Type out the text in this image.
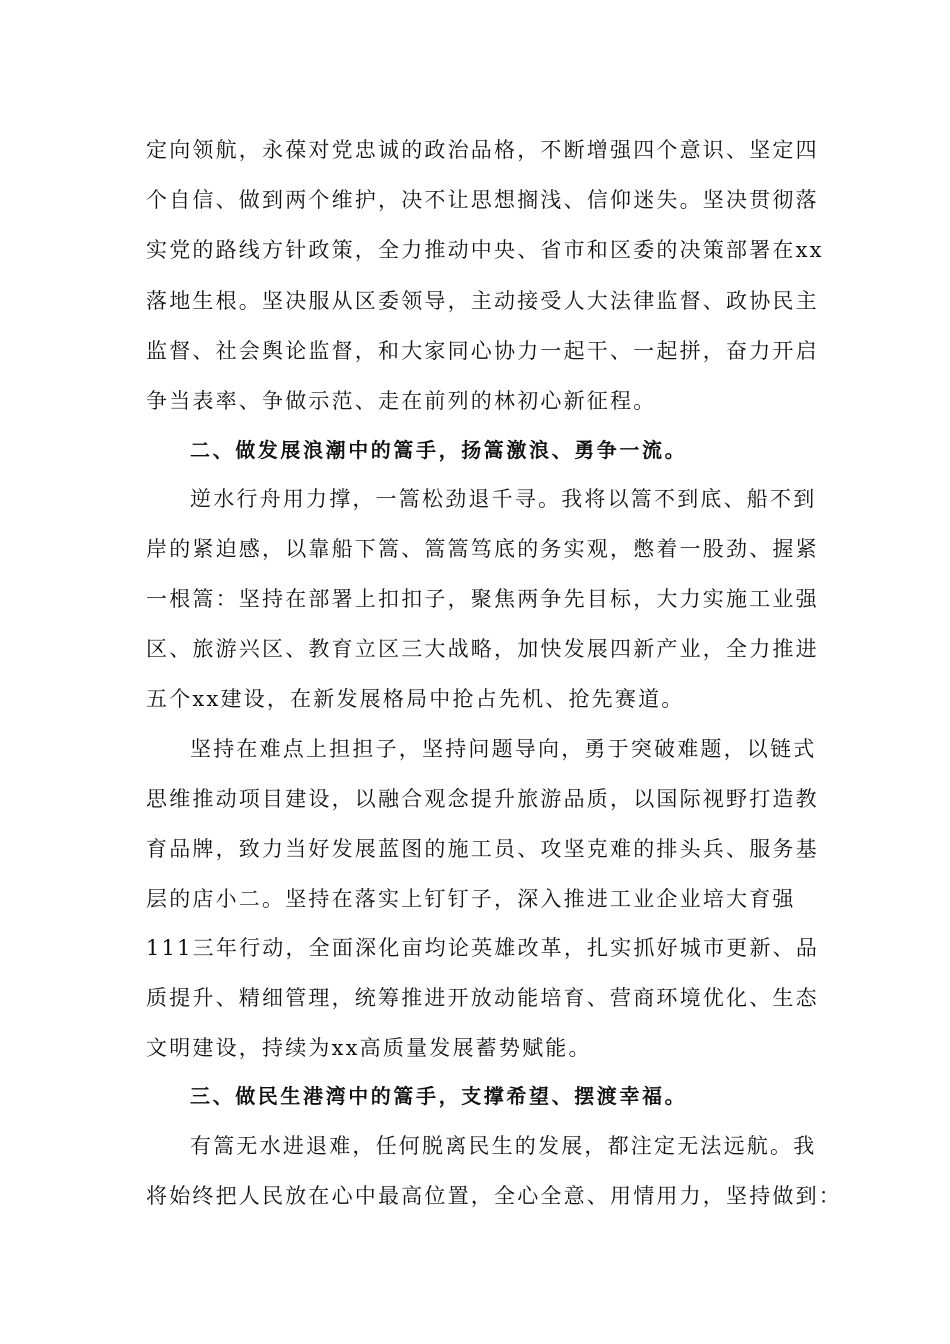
定向领航，永葆对党忠诚的政治品格，不断增强四个意识、坚定四
个自信、做到两个维护，决不让思想搁浅、信仰迷失。坚决贯彻落
实党的路线方针政策，全力推动中央、省市和区委的决策部署在xx
落地生根。坚决服从区委领导，主动接受人大法律监督、政协民主
监督、社会舆论监督，和大家同心协力一起干、一起拼，奋力开启
争当表率、争做示范、走在前列的林初心新征程。
二、做发展浪潮中的篙手，扬篙激浪、勇争一流。
逆水行舟用力撑，一篙松劲退千寻。我将以篙不到底、船不到
岸的紧迫感，以靠船下篙、篙篙笃底的务实观，憋着一股劲、握紧
一根篙：坚持在部署上扣扣子，聚焦两争先目标，大力实施工业强
区、旅游兴区、教育立区三大战略，加快发展四新产业，全力推进
五个xx建设，在新发展格局中抢占先机、抢先赛道。
坚持在难点上担担子，坚持问题导向，勇于突破难题，以链式
思维推动项目建设，以融合观念提升旅游品质，以国际视野打造教
育品牌，致力当好发展蓝图的施工员、攻坚克难的排头兵、服务基
层的店小二。坚持在落实上钉钉子，深入推进工业企业培大育强
111三年行动，全面深化亩均论英雄改革，扎实抓好城市更新、品
质提升、精细管理，统筹推进开放动能培育、营商环境优化、生态
文明建设，持续为xx高质量发展蓄势赋能。
三、做民生港湾中的篙手，支撑希望、摆渡幸福。
有篙无水进退难，任何脱离民生的发展，都注定无法远航。我
将始终把人民放在心中最高位置，全心全意、用情用力，坚持做到：
